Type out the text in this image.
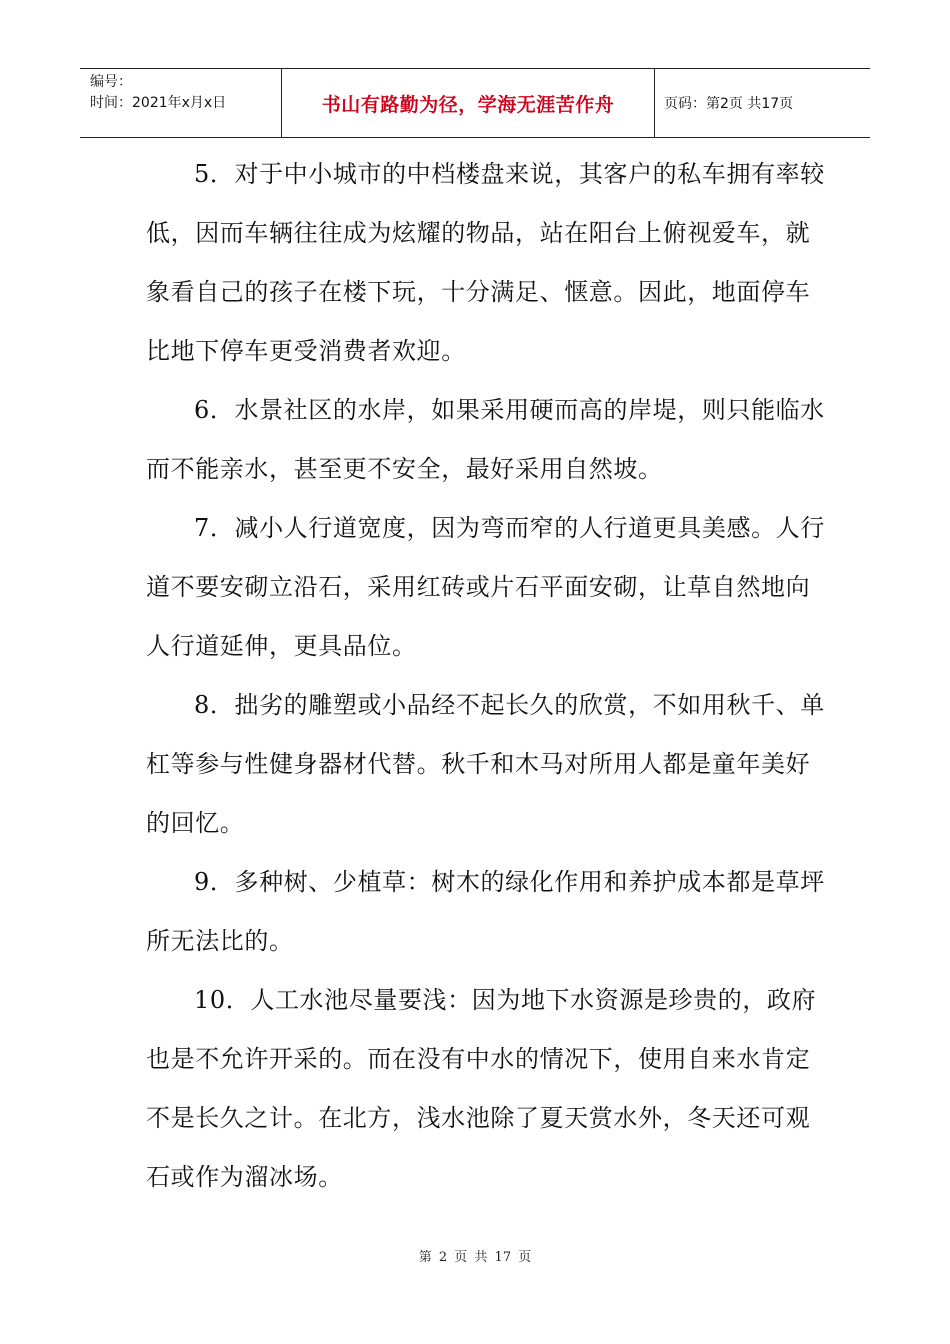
编号：
时间：2021年x月x日	书山有路勤为径，学海无涯苦作舟	页码：第2页 共17页

5．对于中小城市的中档楼盘来说，其客户的私车拥有率较低，因而车辆往往成为炫耀的物品，站在阳台上俯视爱车，就象看自己的孩子在楼下玩，十分满足、惬意。因此，地面停车比地下停车更受消费者欢迎。

6．水景社区的水岸，如果采用硬而高的岸堤，则只能临水而不能亲水，甚至更不安全，最好采用自然坡。

7．减小人行道宽度，因为弯而窄的人行道更具美感。人行道不要安砌立沿石，采用红砖或片石平面安砌，让草自然地向人行道延伸，更具品位。

8．拙劣的雕塑或小品经不起长久的欣赏，不如用秋千、单杠等参与性健身器材代替。秋千和木马对所用人都是童年美好的回忆。

9．多种树、少植草：树木的绿化作用和养护成本都是草坪所无法比的。

10．人工水池尽量要浅：因为地下水资源是珍贵的，政府也是不允许开采的。而在没有中水的情况下，使用自来水肯定不是长久之计。在北方，浅水池除了夏天赏水外，冬天还可观石或作为溜冰场。

第 2 页 共 17 页
